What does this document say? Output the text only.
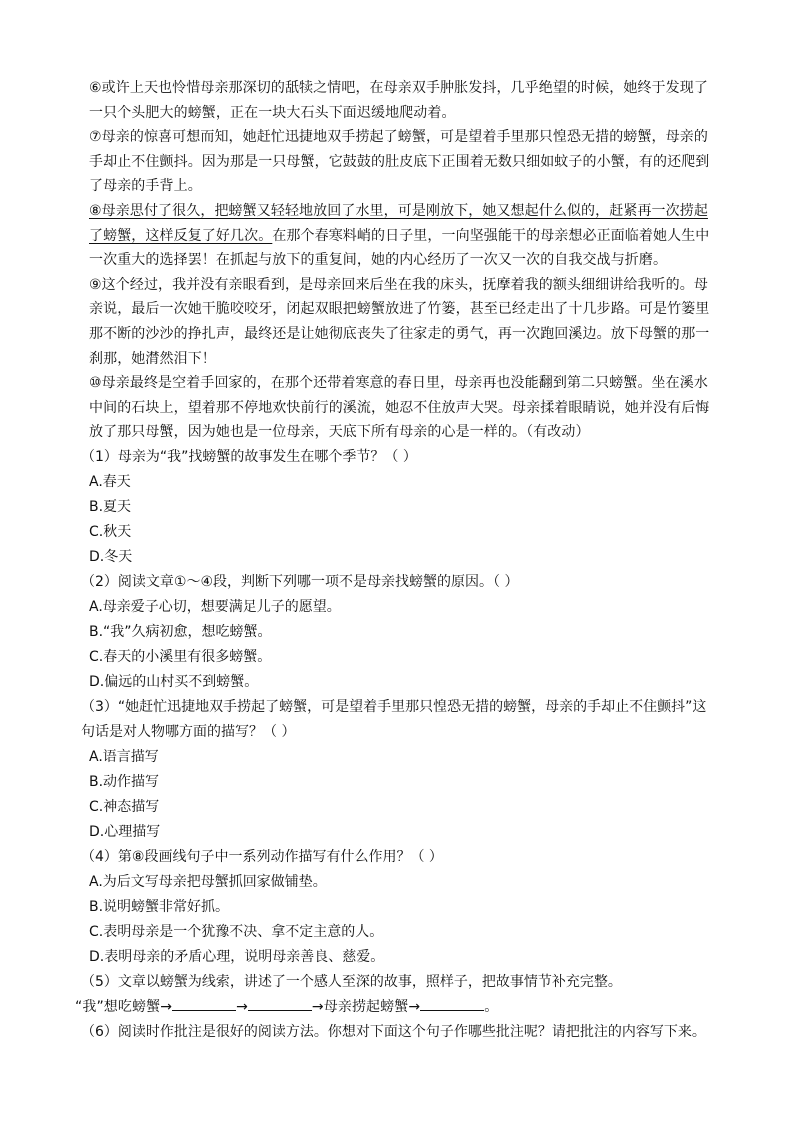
⑥或许上天也怜惜母亲那深切的舐犊之情吧，在母亲双手肿胀发抖，几乎绝望的时候，她终于发现了一只个头肥大的螃蟹，正在一块大石头下面迟缓地爬动着。

⑦母亲的惊喜可想而知，她赶忙迅捷地双手捞起了螃蟹，可是望着手里那只惶恐无措的螃蟹，母亲的手却止不住颤抖。因为那是一只母蟹，它鼓鼓的肚皮底下正围着无数只细如蚊子的小蟹，有的还爬到了母亲的手背上。

⑧母亲思付了很久，把螃蟹又轻轻地放回了水里，可是刚放下，她又想起什么似的，赶紧再一次捞起了螃蟹，这样反复了好几次。在那个春寒料峭的日子里，一向坚强能干的母亲想必正面临着她人生中一次重大的选择罢！在抓起与放下的重复间，她的内心经历了一次又一次的自我交战与折磨。

⑨这个经过，我并没有亲眼看到，是母亲回来后坐在我的床头，抚摩着我的额头细细讲给我听的。母亲说，最后一次她干脆咬咬牙，闭起双眼把螃蟹放进了竹篓，甚至已经走出了十几步路。可是竹篓里那不断的沙沙的挣扎声，最终还是让她彻底丧失了往家走的勇气，再一次跑回溪边。放下母蟹的那一刹那，她潸然泪下！

⑩母亲最终是空着手回家的，在那个还带着寒意的春日里，母亲再也没能翻到第二只螃蟹。坐在溪水中间的石块上，望着那不停地欢快前行的溪流，她忍不住放声大哭。母亲揉着眼睛说，她并没有后悔放了那只母蟹，因为她也是一位母亲，天底下所有母亲的心是一样的。（有改动）

（1）母亲为“我”找螃蟹的故事发生在哪个季节？（ ）

A.春天

B.夏天

C.秋天

D.冬天

（2）阅读文章①～④段，判断下列哪一项不是母亲找螃蟹的原因。（ ）

A.母亲爱子心切，想要满足儿子的愿望。

B.“我”久病初愈，想吃螃蟹。

C.春天的小溪里有很多螃蟹。

D.偏远的山村买不到螃蟹。

（3）“她赶忙迅捷地双手捞起了螃蟹，可是望着手里那只惶恐无措的螃蟹，母亲的手却止不住颤抖”这句话是对人物哪方面的描写？（ ）

A.语言描写

B.动作描写

C.神态描写

D.心理描写

（4）第⑧段画线句子中一系列动作描写有什么作用？（ ）

A.为后文写母亲把母蟹抓回家做铺垫。

B.说明螃蟹非常好抓。

C.表明母亲是一个犹豫不决、拿不定主意的人。

D.表明母亲的矛盾心理，说明母亲善良、慈爱。

（5）文章以螃蟹为线索，讲述了一个感人至深的故事，照样子，把故事情节补充完整。

“我”想吃螃蟹→	→	→母亲捞起螃蟹→	。

（6）阅读时作批注是很好的阅读方法。你想对下面这个句子作哪些批注呢？请把批注的内容写下来。
